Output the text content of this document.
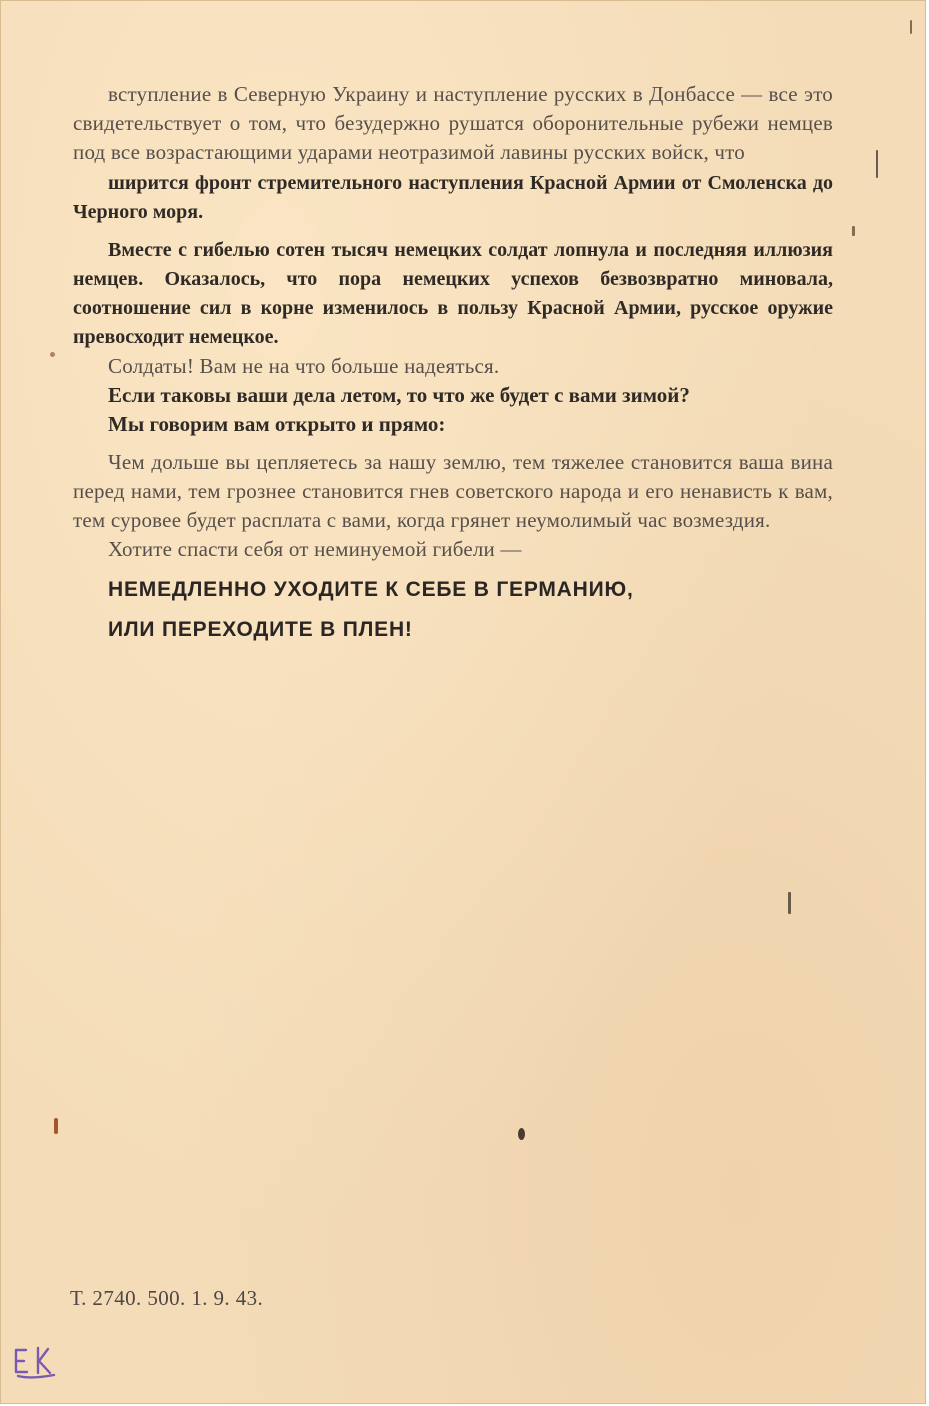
вступление в Северную Украину и наступление русских в Донбассе — все это свидетельствует о том, что безудержно рушатся оборонительные рубежи немцев под все возрастающими ударами неотразимой лавины русских войск, что

ширится фронт стремительного наступления Красной Армии от Смоленска до Черного моря.

Вместе с гибелью сотен тысяч немецких солдат лопнула и последняя иллюзия немцев. Оказалось, что пора немецких успехов безвозвратно миновала, соотношение сил в корне изменилось в пользу Красной Армии, русское оружие превосходит немецкое.

Солдаты! Вам не на что больше надеяться.

Если таковы ваши дела летом, то что же будет с вами зимой?

Мы говорим вам открыто и прямо:

Чем дольше вы цепляетесь за нашу землю, тем тяжелее становится ваша вина перед нами, тем грознее становится гнев советского народа и его ненависть к вам, тем суровее будет расплата с вами, когда грянет неумолимый час возмездия.

Хотите спасти себя от неминуемой гибели —

НЕМЕДЛЕННО УХОДИТЕ К СЕБЕ В ГЕРМАНИЮ,

ИЛИ ПЕРЕХОДИТЕ В ПЛЕН!

Т. 2740. 500. 1. 9. 43.
